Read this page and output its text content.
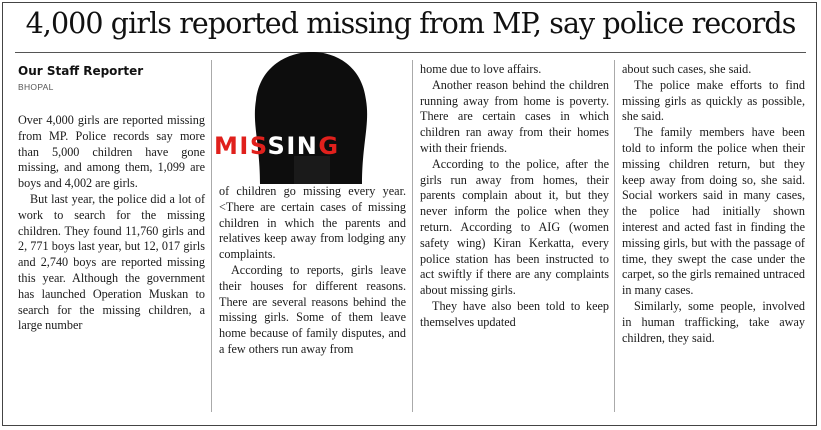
4,000 girls reported missing from MP, say police records
Our Staff Reporter
BHOPAL

Over 4,000 girls are reported missing from MP. Police records say more than 5,000 children have gone missing, and among them, 1,099 are boys and 4,002 are girls.

But last year, the police did a lot of work to search for the missing children. They found 11,760 girls and 2, 771 boys last year, but 12, 017 girls and 2,740 boys are reported missing this year. Although the government has launched Operation Muskan to search for the missing children, a large number

MISSING

of children go missing every year. <There are certain cases of missing children in which the parents and relatives keep away from lodging any complaints.

According to reports, girls leave their houses for different reasons. There are several reasons behind the missing girls. Some of them leave home because of family disputes, and a few others run away from

home due to love affairs.

Another reason behind the children running away from home is poverty. There are certain cases in which children ran away from their homes with their friends.

According to the police, after the girls run away from homes, their parents complain about it, but they never inform the police when they return. According to AIG (women safety wing) Kiran Kerkatta, every police station has been instructed to act swiftly if there are any complaints about missing girls.

They have also been told to keep themselves updated

about such cases, she said.

The police make efforts to find missing girls as quickly as possible, she said.

The family members have been told to inform the police when their missing children return, but they keep away from doing so, she said. Social workers said in many cases, the police had initially shown interest and acted fast in finding the missing girls, but with the passage of time, they swept the case under the carpet, so the girls remained untraced in many cases.

Similarly, some people, involved in human trafficking, take away children, they said.
